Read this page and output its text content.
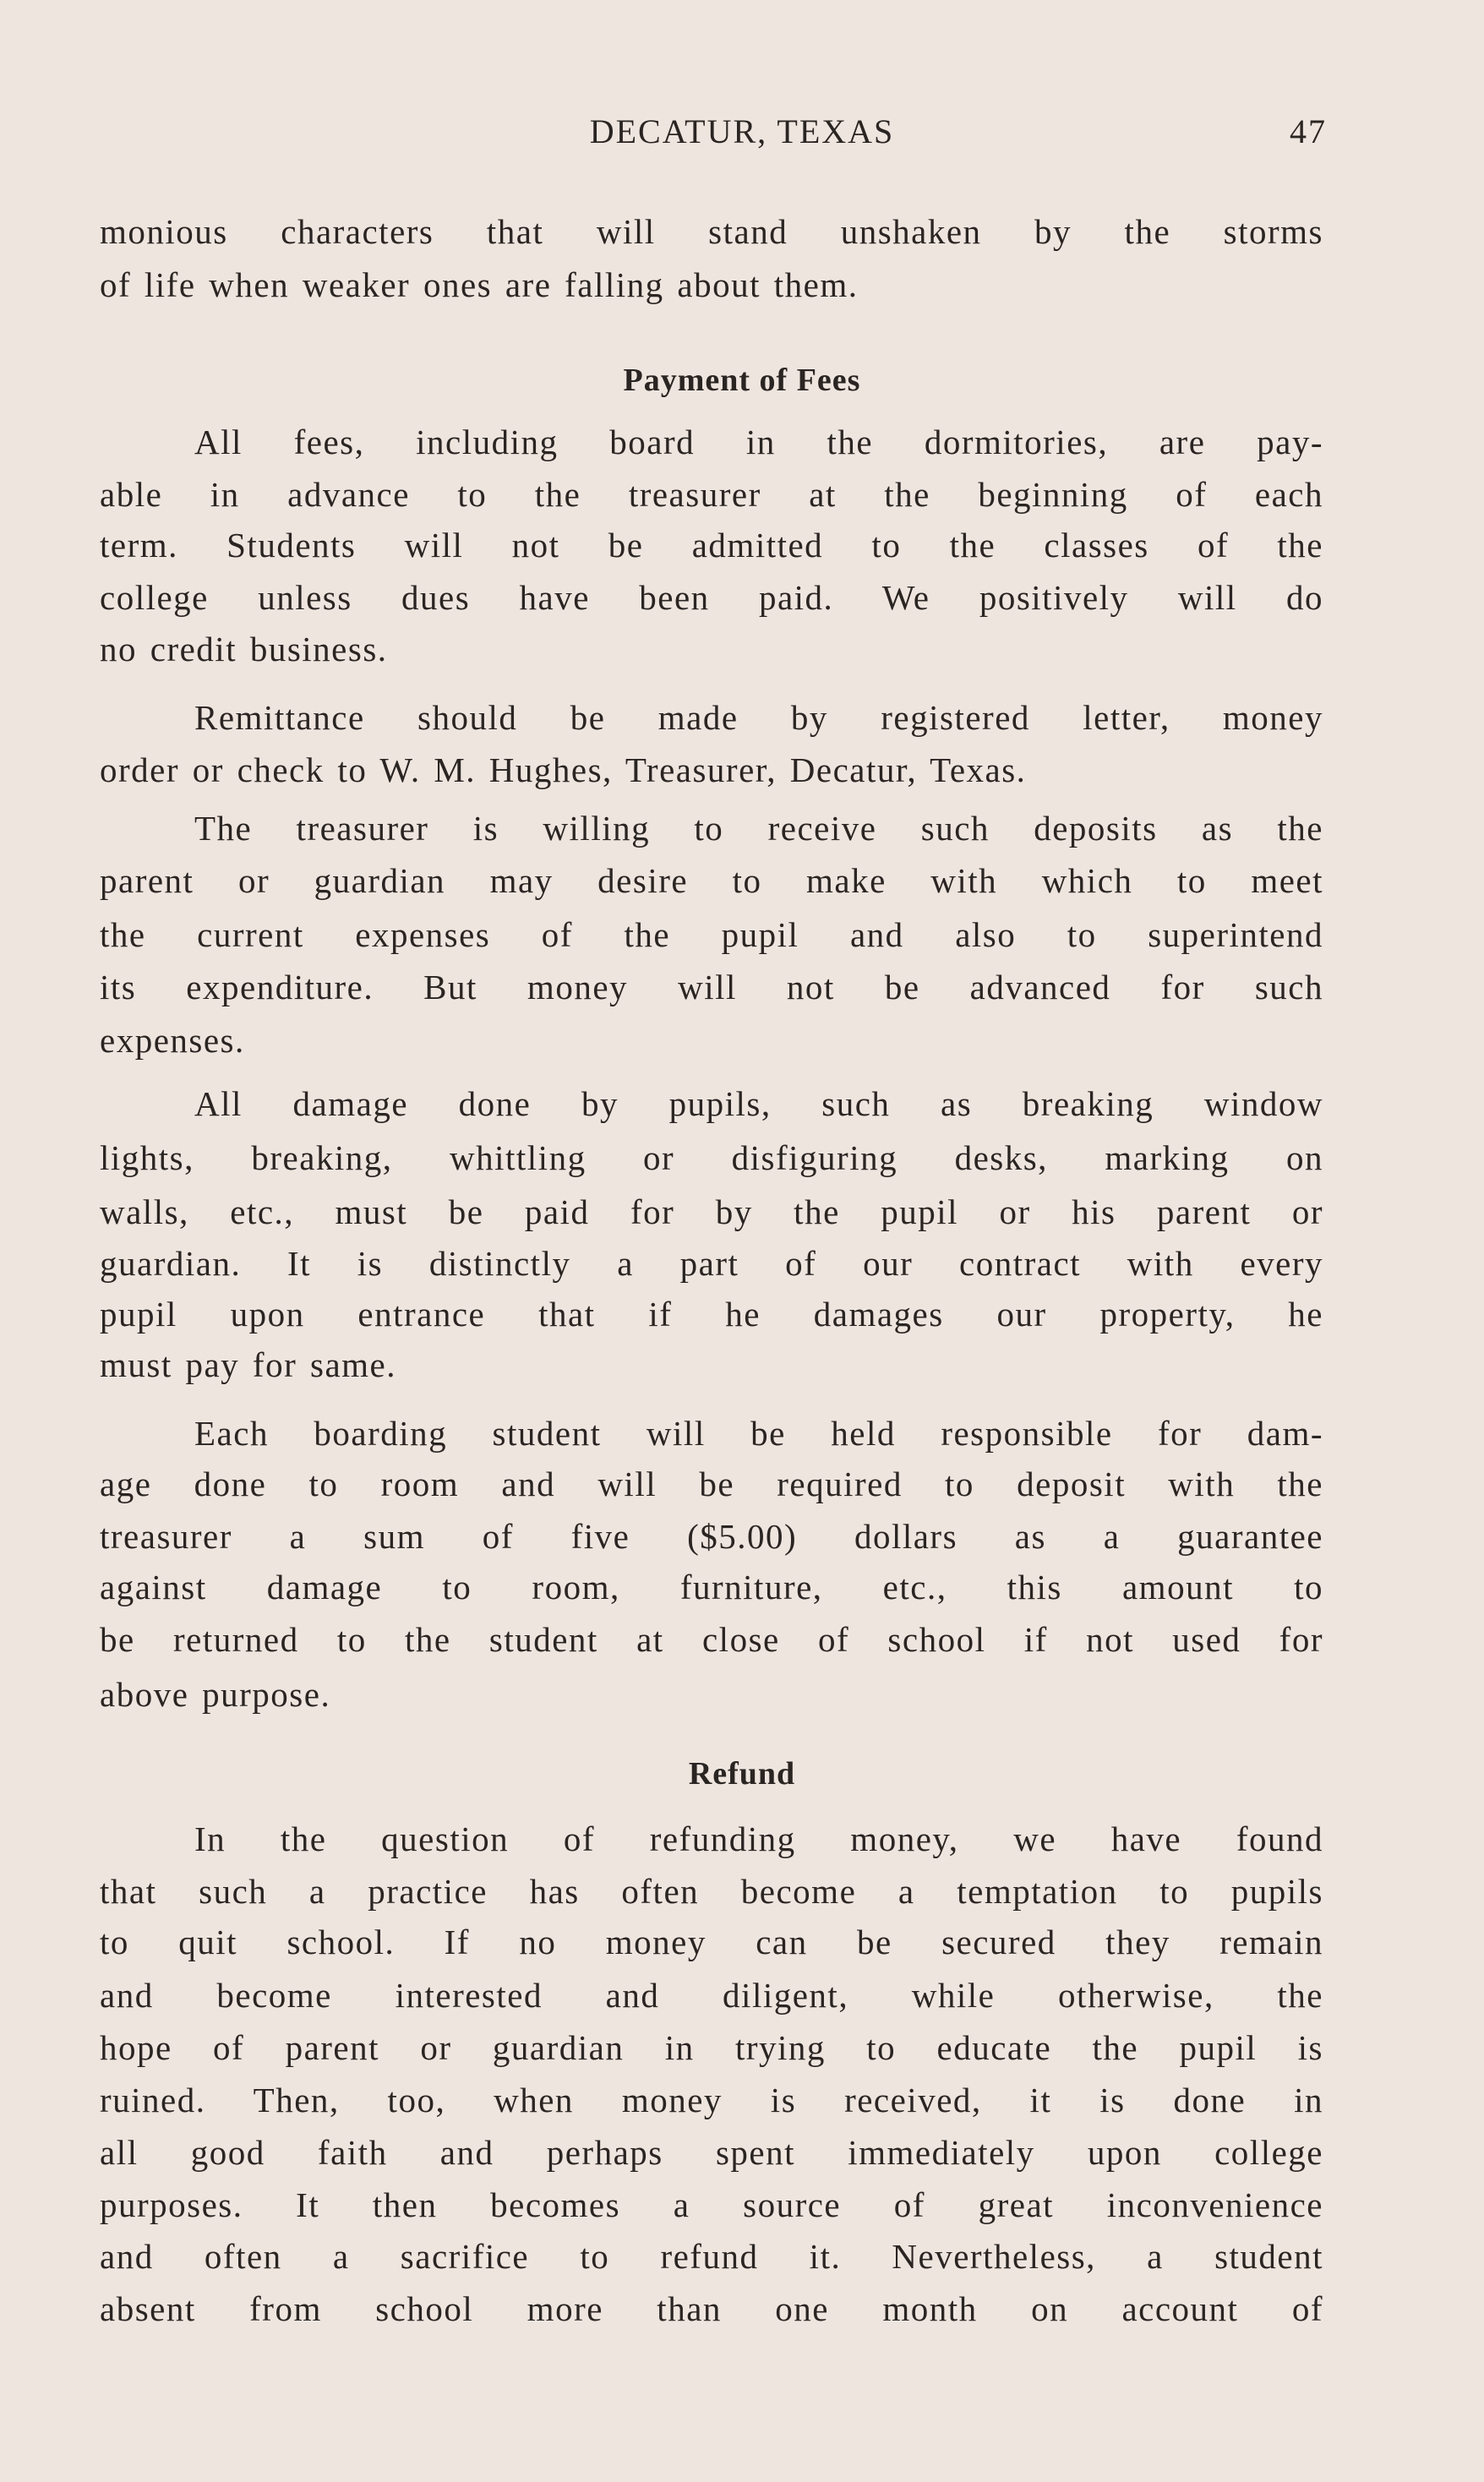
DECATUR, TEXAS	47
monious characters that will stand unshaken by the storms
of life when weaker ones are falling about them.
Payment of Fees
All fees, including board in the dormitories, are pay-
able in advance to the treasurer at the beginning of each
term. Students will not be admitted to the classes of the
college unless dues have been paid. We positively will do
no credit business.
Remittance should be made by registered letter, money
order or check to W. M. Hughes, Treasurer, Decatur, Texas.
The treasurer is willing to receive such deposits as the
parent or guardian may desire to make with which to meet
the current expenses of the pupil and also to superintend
its expenditure. But money will not be advanced for such
expenses.
All damage done by pupils, such as breaking window
lights, breaking, whittling or disfiguring desks, marking on
walls, etc., must be paid for by the pupil or his parent or
guardian. It is distinctly a part of our contract with every
pupil upon entrance that if he damages our property, he
must pay for same.
Each boarding student will be held responsible for dam-
age done to room and will be required to deposit with the
treasurer a sum of five ($5.00) dollars as a guarantee
against damage to room, furniture, etc., this amount to
be returned to the student at close of school if not used for
above purpose.
Refund
In the question of refunding money, we have found
that such a practice has often become a temptation to pupils
to quit school. If no money can be secured they remain
and become interested and diligent, while otherwise, the
hope of parent or guardian in trying to educate the pupil is
ruined. Then, too, when money is received, it is done in
all good faith and perhaps spent immediately upon college
purposes. It then becomes a source of great inconvenience
and often a sacrifice to refund it. Nevertheless, a student
absent from school more than one month on account of
